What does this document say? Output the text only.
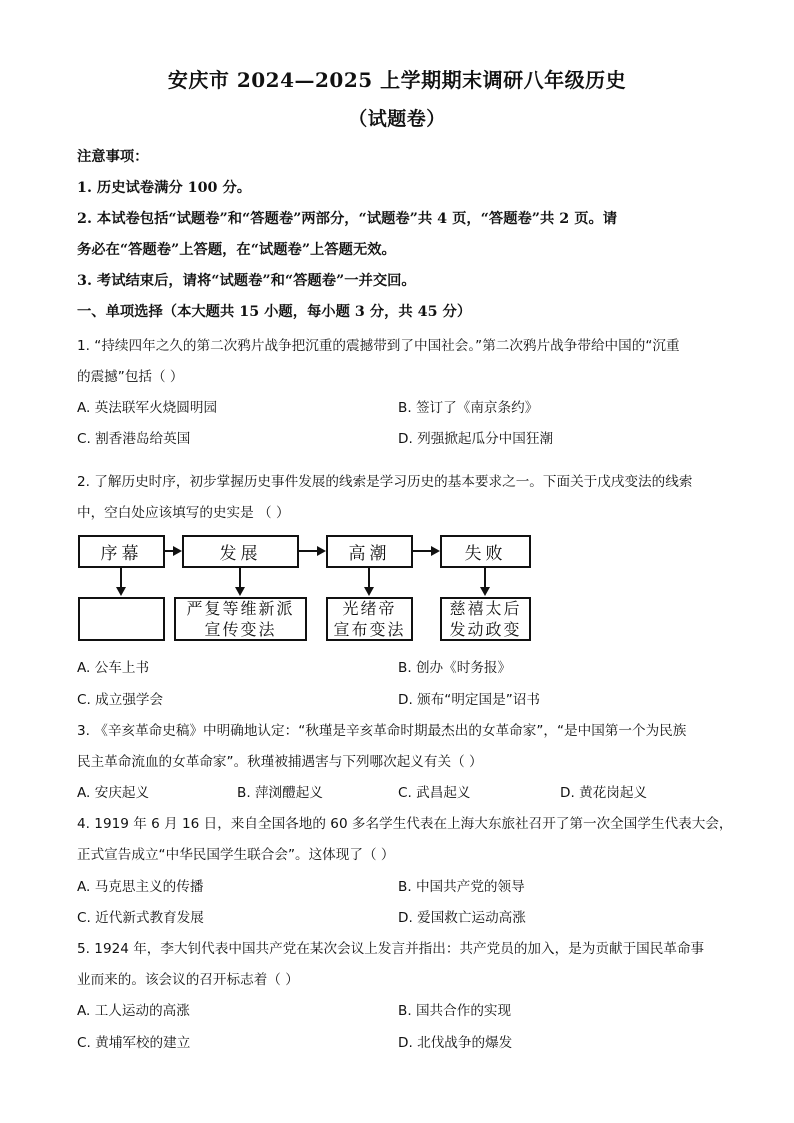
安庆市 2024—2025 上学期期末调研八年级历史
（试题卷）
注意事项：
1. 历史试卷满分 100 分。
2. 本试卷包括“试题卷”和“答题卷”两部分，“试题卷”共 4 页，“答题卷”共 2 页。请
务必在“答题卷”上答题，在“试题卷”上答题无效。
3. 考试结束后，请将“试题卷”和“答题卷”一并交回。
一、单项选择（本大题共 15 小题，每小题 3 分，共 45 分）
1. “持续四年之久的第二次鸦片战争把沉重的震撼带到了中国社会。”第二次鸦片战争带给中国的“沉重
的震撼”包括（ ）
A. 英法联军火烧圆明园	B. 签订了《南京条约》
C. 割香港岛给英国	D. 列强掀起瓜分中国狂潮
2. 了解历史时序，初步掌握历史事件发展的线索是学习历史的基本要求之一。下面关于戊戌变法的线索
中，空白处应该填写的史实是 （ ）
序幕	发展	高潮	失败
严复等维新派
宣传变法
光绪帝
宣布变法
慈禧太后
发动政变
A. 公车上书	B. 创办《时务报》
C. 成立强学会	D. 颁布“明定国是”诏书
3. 《辛亥革命史稿》中明确地认定：“秋瑾是辛亥革命时期最杰出的女革命家”，“是中国第一个为民族
民主革命流血的女革命家”。秋瑾被捕遇害与下列哪次起义有关（ ）
A. 安庆起义	B. 萍浏醴起义	C. 武昌起义	D. 黄花岗起义
4. 1919 年 6 月 16 日，来自全国各地的 60 多名学生代表在上海大东旅社召开了第一次全国学生代表大会，
正式宣告成立“中华民国学生联合会”。这体现了（ ）
A. 马克思主义的传播	B. 中国共产党的领导
C. 近代新式教育发展	D. 爱国救亡运动高涨
5. 1924 年，李大钊代表中国共产党在某次会议上发言并指出：共产党员的加入，是为贡献于国民革命事
业而来的。该会议的召开标志着（ ）
A. 工人运动的高涨	B. 国共合作的实现
C. 黄埔军校的建立	D. 北伐战争的爆发
